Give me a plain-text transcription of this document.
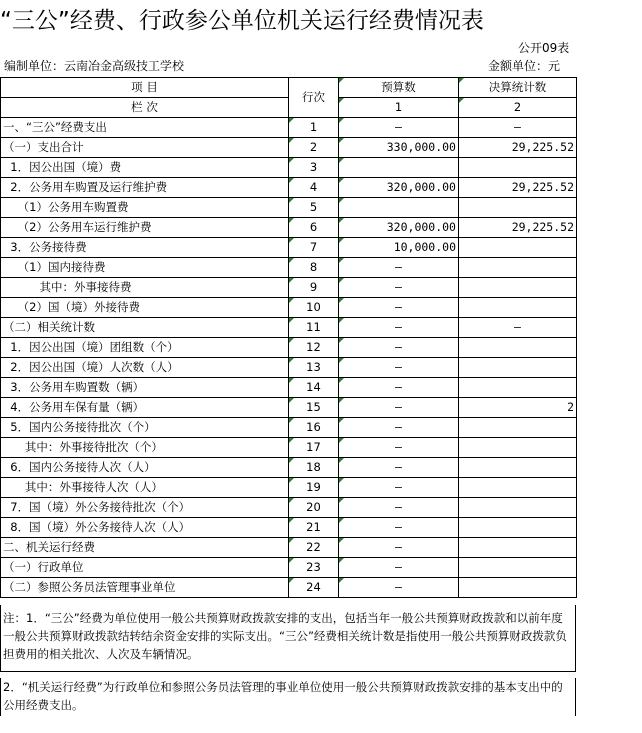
“三公”经费、行政参公单位机关运行经费情况表
公开09表
编制单位：云南冶金高级技工学校	金额单位：元
项 目	行次	预算数	决算统计数
栏 次		1	2
一、“三公”经费支出	1	—	—
（一）支出合计	2	330,000.00	29,225.52
1．因公出国（境）费	3		
2．公务用车购置及运行维护费	4	320,000.00	29,225.52
（1）公务用车购置费	5		
（2）公务用车运行维护费	6	320,000.00	29,225.52
3．公务接待费	7	10,000.00	
（1）国内接待费	8	—	
其中：外事接待费	9	—	
（2）国（境）外接待费	10	—	
（二）相关统计数	11	—	—
1．因公出国（境）团组数（个）	12	—	
2．因公出国（境）人次数（人）	13	—	
3．公务用车购置数（辆）	14	—	
4．公务用车保有量（辆）	15	—	2
5．国内公务接待批次（个）	16	—	
其中：外事接待批次（个）	17	—	
6．国内公务接待人次（人）	18	—	
其中：外事接待人次（人）	19	—	
7．国（境）外公务接待批次（个）	20	—	
8．国（境）外公务接待人次（人）	21	—	
二、机关运行经费	22	—	
（一）行政单位	23	—	
（二）参照公务员法管理事业单位	24	—	
注：1．“三公”经费为单位使用一般公共预算财政拨款安排的支出，包括当年一般公共预算财政拨款和以前年度一般公共预算财政拨款结转结余资金安排的实际支出。“三公”经费相关统计数是指使用一般公共预算财政拨款负担费用的相关批次、人次及车辆情况。
2．“机关运行经费”为行政单位和参照公务员法管理的事业单位使用一般公共预算财政拨款安排的基本支出中的公用经费支出。
